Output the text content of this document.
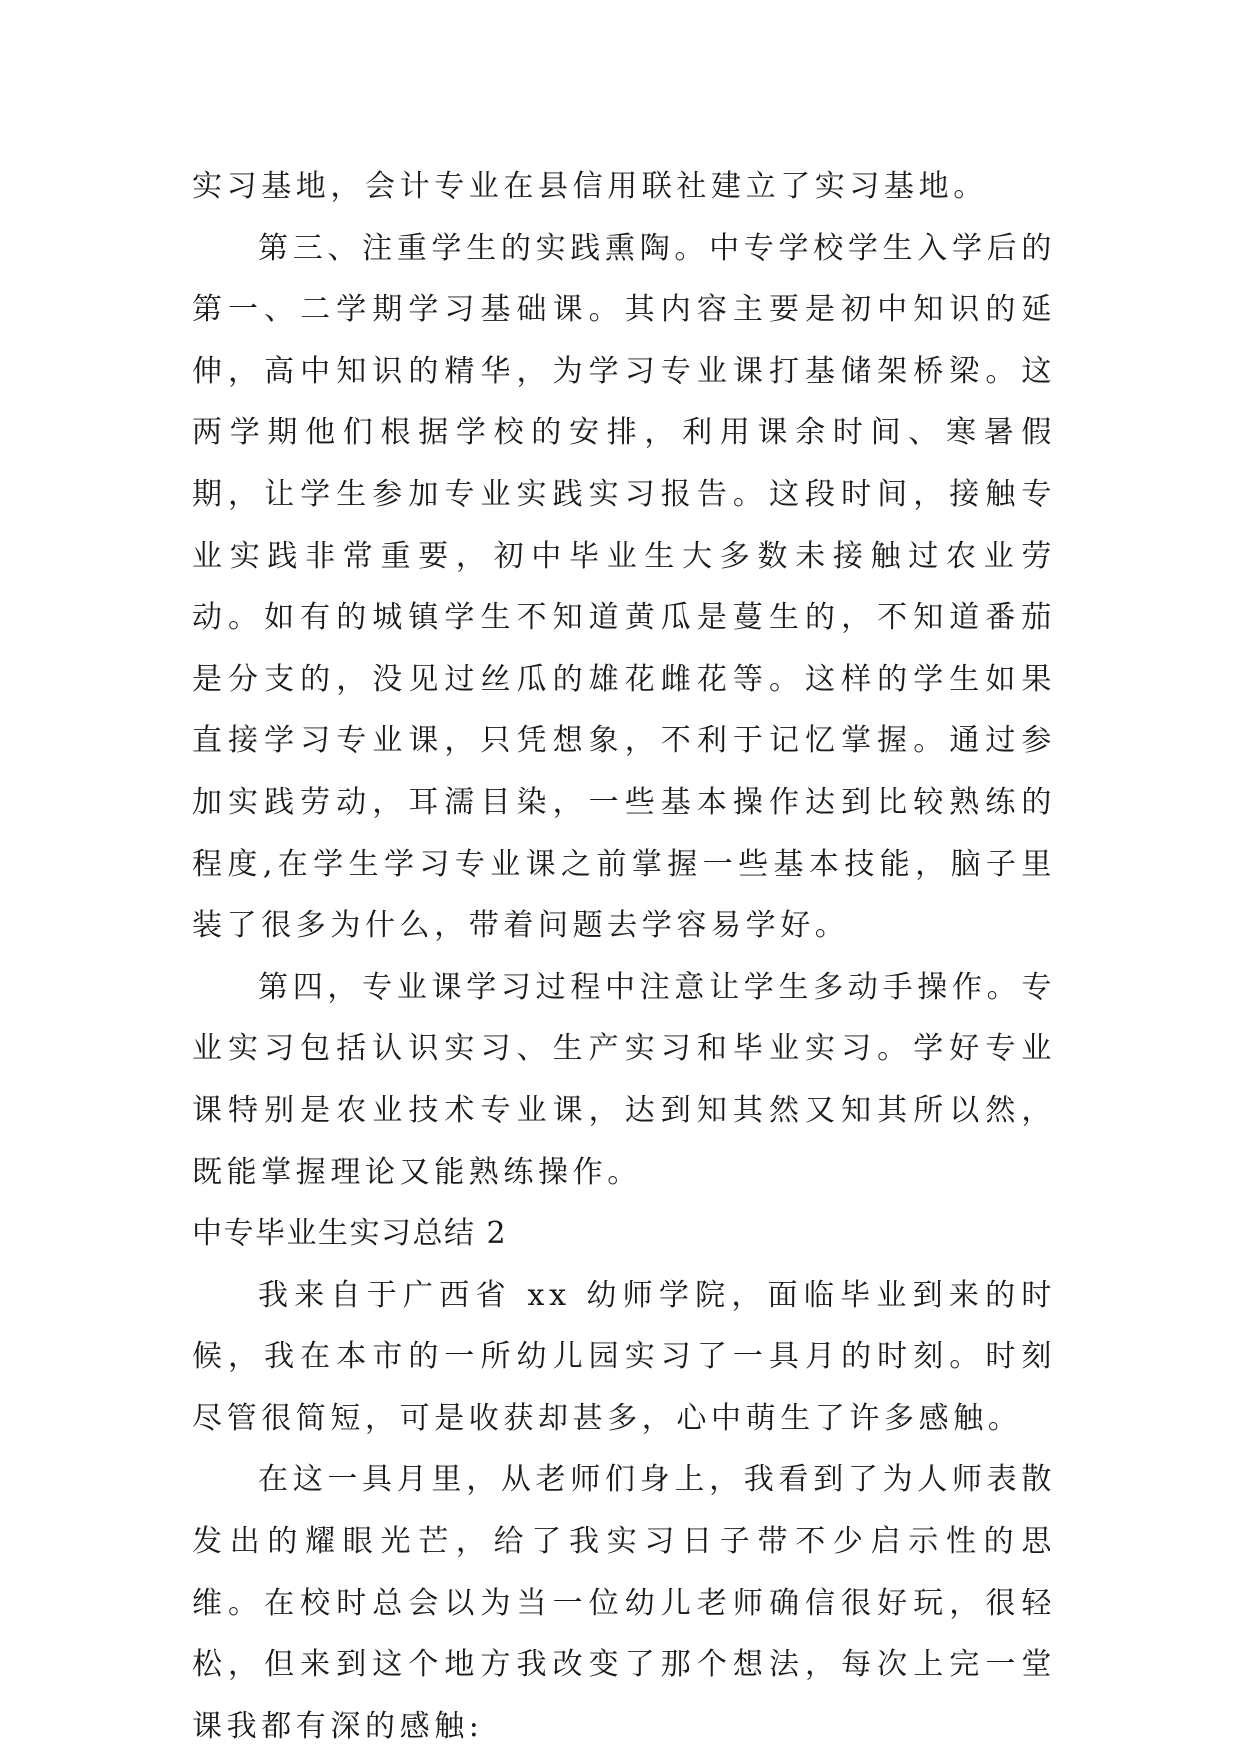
实习基地，会计专业在县信用联社建立了实习基地。

第三、注重学生的实践熏陶。中专学校学生入学后的第一、二学期学习基础课。其内容主要是初中知识的延伸，高中知识的精华，为学习专业课打基储架桥梁。这两学期他们根据学校的安排，利用课余时间、寒暑假期，让学生参加专业实践实习报告。这段时间，接触专业实践非常重要，初中毕业生大多数未接触过农业劳动。如有的城镇学生不知道黄瓜是蔓生的，不知道番茄是分支的，没见过丝瓜的雄花雌花等。这样的学生如果直接学习专业课，只凭想象，不利于记忆掌握。通过参加实践劳动，耳濡目染，一些基本操作达到比较熟练的程度,在学生学习专业课之前掌握一些基本技能，脑子里装了很多为什么，带着问题去学容易学好。

第四，专业课学习过程中注意让学生多动手操作。专业实习包括认识实习、生产实习和毕业实习。学好专业课特别是农业技术专业课，达到知其然又知其所以然，既能掌握理论又能熟练操作。

中专毕业生实习总结 2

我来自于广西省 xx 幼师学院，面临毕业到来的时候，我在本市的一所幼儿园实习了一具月的时刻。时刻尽管很简短，可是收获却甚多，心中萌生了许多感触。

在这一具月里，从老师们身上，我看到了为人师表散发出的耀眼光芒，给了我实习日子带不少启示性的思维。在校时总会以为当一位幼儿老师确信很好玩，很轻松，但来到这个地方我改变了那个想法，每次上完一堂课我都有深的感触:
